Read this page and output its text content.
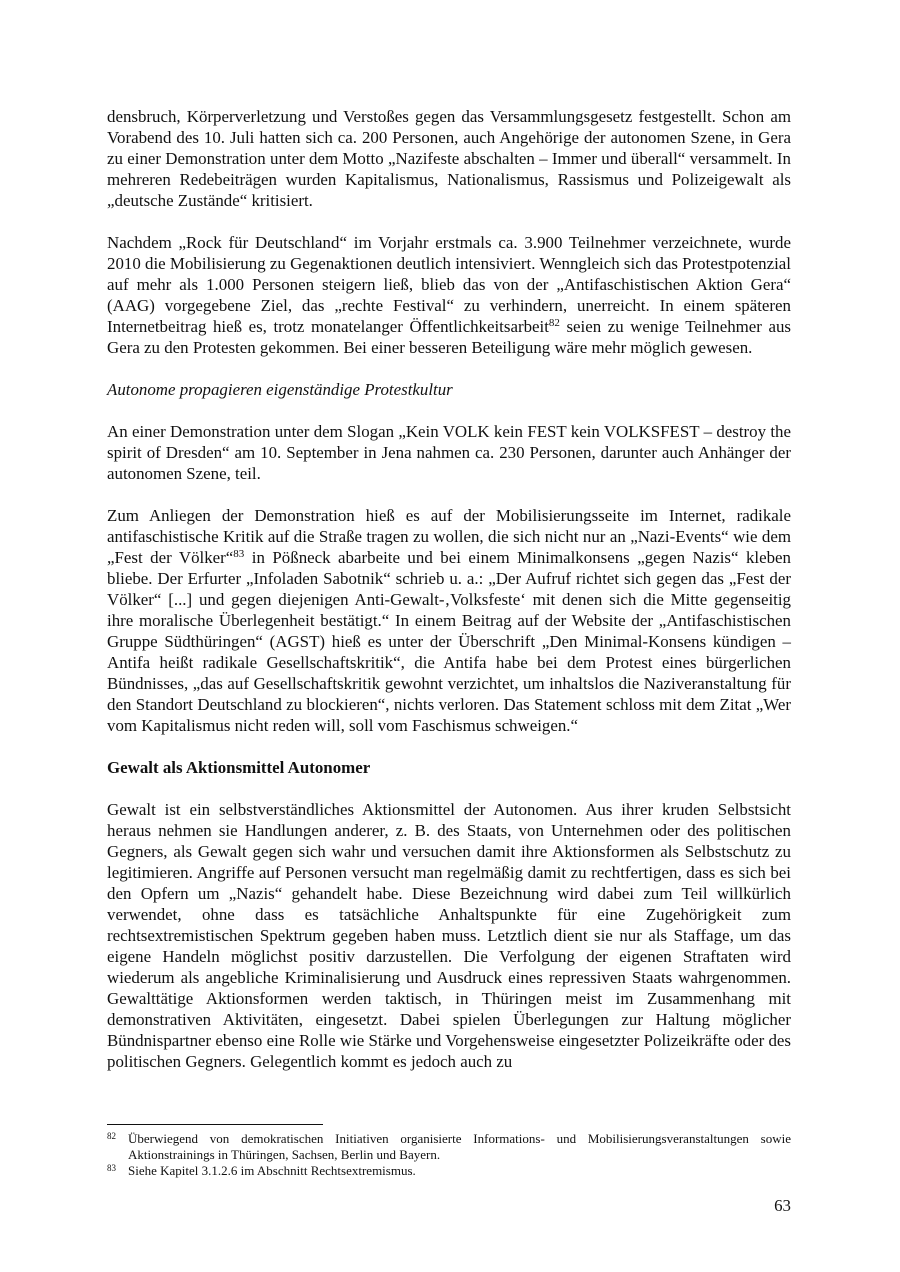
densbruch, Körperverletzung und Verstoßes gegen das Versammlungsgesetz festgestellt. Schon am Vorabend des 10. Juli hatten sich ca. 200 Personen, auch Angehörige der autonomen Szene, in Gera zu einer Demonstration unter dem Motto „Nazifeste abschalten – Immer und überall“ versammelt. In mehreren Redebeiträgen wurden Kapitalismus, Nationalismus, Rassismus und Polizeigewalt als „deutsche Zustände“ kritisiert.

Nachdem „Rock für Deutschland“ im Vorjahr erstmals ca. 3.900 Teilnehmer verzeichnete, wurde 2010 die Mobilisierung zu Gegenaktionen deutlich intensiviert. Wenngleich sich das Protestpotenzial auf mehr als 1.000 Personen steigern ließ, blieb das von der „Antifaschistischen Aktion Gera“ (AAG) vorgegebene Ziel, das „rechte Festival“ zu verhindern, unerreicht. In einem späteren Internetbeitrag hieß es, trotz monatelanger Öffentlichkeitsarbeit$^{82}$ seien zu wenige Teilnehmer aus Gera zu den Protesten gekommen. Bei einer besseren Beteiligung wäre mehr möglich gewesen.

Autonome propagieren eigenständige Protestkultur

An einer Demonstration unter dem Slogan „Kein VOLK kein FEST kein VOLKSFEST – destroy the spirit of Dresden“ am 10. September in Jena nahmen ca. 230 Personen, darunter auch Anhänger der autonomen Szene, teil.

Zum Anliegen der Demonstration hieß es auf der Mobilisierungsseite im Internet, radikale antifaschistische Kritik auf die Straße tragen zu wollen, die sich nicht nur an „Nazi-Events“ wie dem „Fest der Völker“$^{83}$ in Pößneck abarbeite und bei einem Minimalkonsens „gegen Nazis“ kleben bliebe. Der Erfurter „Infoladen Sabotnik“ schrieb u. a.: „Der Aufruf richtet sich gegen das „Fest der Völker“ [...] und gegen diejenigen Anti-Gewalt-‚Volksfeste‘ mit denen sich die Mitte gegenseitig ihre moralische Überlegenheit bestätigt.“ In einem Beitrag auf der Website der „Antifaschistischen Gruppe Südthüringen“ (AGST) hieß es unter der Überschrift „Den Minimal-Konsens kündigen – Antifa heißt radikale Gesellschaftskritik“, die Antifa habe bei dem Protest eines bürgerlichen Bündnisses, „das auf Gesellschaftskritik gewohnt verzichtet, um inhaltslos die Naziveranstaltung für den Standort Deutschland zu blockieren“, nichts verloren. Das Statement schloss mit dem Zitat „Wer vom Kapitalismus nicht reden will, soll vom Faschismus schweigen.“

Gewalt als Aktionsmittel Autonomer

Gewalt ist ein selbstverständliches Aktionsmittel der Autonomen. Aus ihrer kruden Selbstsicht heraus nehmen sie Handlungen anderer, z. B. des Staats, von Unternehmen oder des politischen Gegners, als Gewalt gegen sich wahr und versuchen damit ihre Aktionsformen als Selbstschutz zu legitimieren. Angriffe auf Personen versucht man regelmäßig damit zu rechtfertigen, dass es sich bei den Opfern um „Nazis“ gehandelt habe. Diese Bezeichnung wird dabei zum Teil willkürlich verwendet, ohne dass es tatsächliche Anhaltspunkte für eine Zugehörigkeit zum rechtsextremistischen Spektrum gegeben haben muss. Letztlich dient sie nur als Staffage, um das eigene Handeln möglichst positiv darzustellen. Die Verfolgung der eigenen Straftaten wird wiederum als angebliche Kriminalisierung und Ausdruck eines repressiven Staats wahrgenommen. Gewalttätige Aktionsformen werden taktisch, in Thüringen meist im Zusammenhang mit demonstrativen Aktivitäten, eingesetzt. Dabei spielen Überlegungen zur Haltung möglicher Bündnispartner ebenso eine Rolle wie Stärke und Vorgehensweise eingesetzter Polizeikräfte oder des politischen Gegners. Gelegentlich kommt es jedoch auch zu

82 Überwiegend von demokratischen Initiativen organisierte Informations- und Mobilisierungsveranstaltungen sowie Aktionstrainings in Thüringen, Sachsen, Berlin und Bayern.
83 Siehe Kapitel 3.1.2.6 im Abschnitt Rechtsextremismus.
63
